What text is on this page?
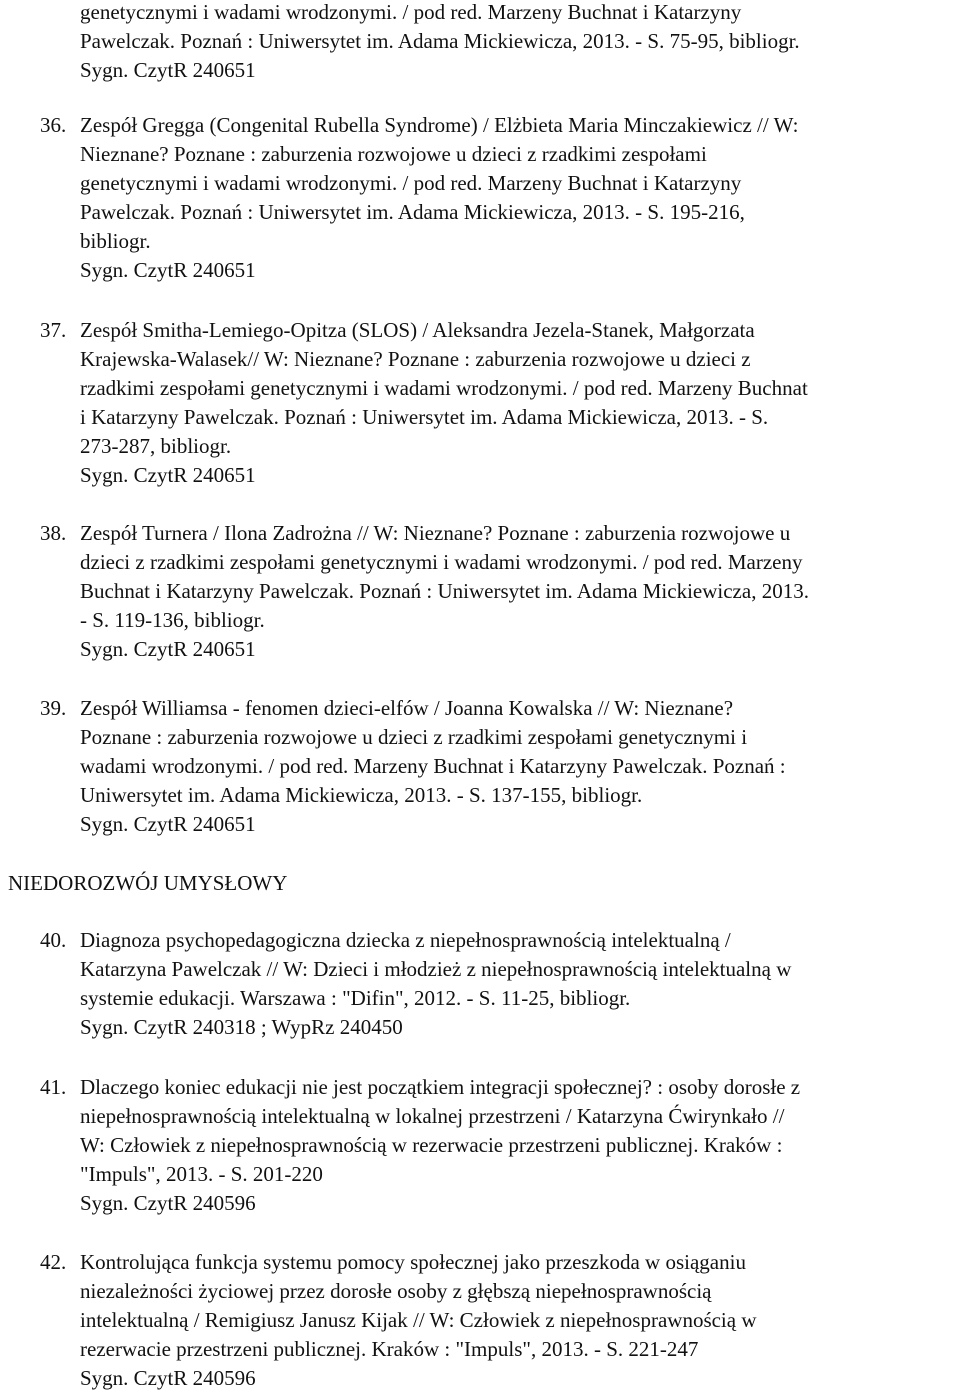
genetycznymi i wadami wrodzonymi. / pod red. Marzeny Buchnat i Katarzyny
Pawelczak. Poznań : Uniwersytet im. Adama Mickiewicza, 2013. - S. 75-95, bibliogr.
Sygn. CzytR 240651
36. Zespół Gregga (Congenital Rubella Syndrome) / Elżbieta Maria Minczakiewicz // W:
Nieznane? Poznane : zaburzenia rozwojowe u dzieci z rzadkimi zespołami
genetycznymi i wadami wrodzonymi. / pod red. Marzeny Buchnat i Katarzyny
Pawelczak. Poznań : Uniwersytet im. Adama Mickiewicza, 2013. - S. 195-216,
bibliogr.
Sygn. CzytR 240651
37. Zespół Smitha-Lemiego-Opitza (SLOS) / Aleksandra Jezela-Stanek, Małgorzata
Krajewska-Walasek// W: Nieznane? Poznane : zaburzenia rozwojowe u dzieci z
rzadkimi zespołami genetycznymi i wadami wrodzonymi. / pod red. Marzeny Buchnat
i Katarzyny Pawelczak. Poznań : Uniwersytet im. Adama Mickiewicza, 2013. - S.
273-287, bibliogr.
Sygn. CzytR 240651
38. Zespół Turnera / Ilona Zadrożna // W: Nieznane? Poznane : zaburzenia rozwojowe u
dzieci z rzadkimi zespołami genetycznymi i wadami wrodzonymi. / pod red. Marzeny
Buchnat i Katarzyny Pawelczak. Poznań : Uniwersytet im. Adama Mickiewicza, 2013.
- S. 119-136, bibliogr.
Sygn. CzytR 240651
39. Zespół Williamsa - fenomen dzieci-elfów / Joanna Kowalska // W: Nieznane?
Poznane : zaburzenia rozwojowe u dzieci z rzadkimi zespołami genetycznymi i
wadami wrodzonymi. / pod red. Marzeny Buchnat i Katarzyny Pawelczak. Poznań :
Uniwersytet im. Adama Mickiewicza, 2013. - S. 137-155, bibliogr.
Sygn. CzytR 240651
NIEDOROZWÓJ UMYSŁOWY
40. Diagnoza psychopedagogiczna dziecka z niepełnosprawnością intelektualną /
Katarzyna Pawelczak // W: Dzieci i młodzież z niepełnosprawnością intelektualną w
systemie edukacji. Warszawa : "Difin", 2012. - S. 11-25, bibliogr.
Sygn. CzytR 240318 ; WypRz 240450
41. Dlaczego koniec edukacji nie jest początkiem integracji społecznej? : osoby dorosłe z
niepełnosprawnością intelektualną w lokalnej przestrzeni / Katarzyna Ćwirynkało //
W: Człowiek z niepełnosprawnością w rezerwacie przestrzeni publicznej. Kraków :
"Impuls", 2013. - S. 201-220
Sygn. CzytR 240596
42. Kontrolująca funkcja systemu pomocy społecznej jako przeszkoda w osiąganiu
niezależności życiowej przez dorosłe osoby z głębszą niepełnosprawnością
intelektualną / Remigiusz Janusz Kijak // W: Człowiek z niepełnosprawnością w
rezerwacie przestrzeni publicznej. Kraków : "Impuls", 2013. - S. 221-247
Sygn. CzytR 240596
